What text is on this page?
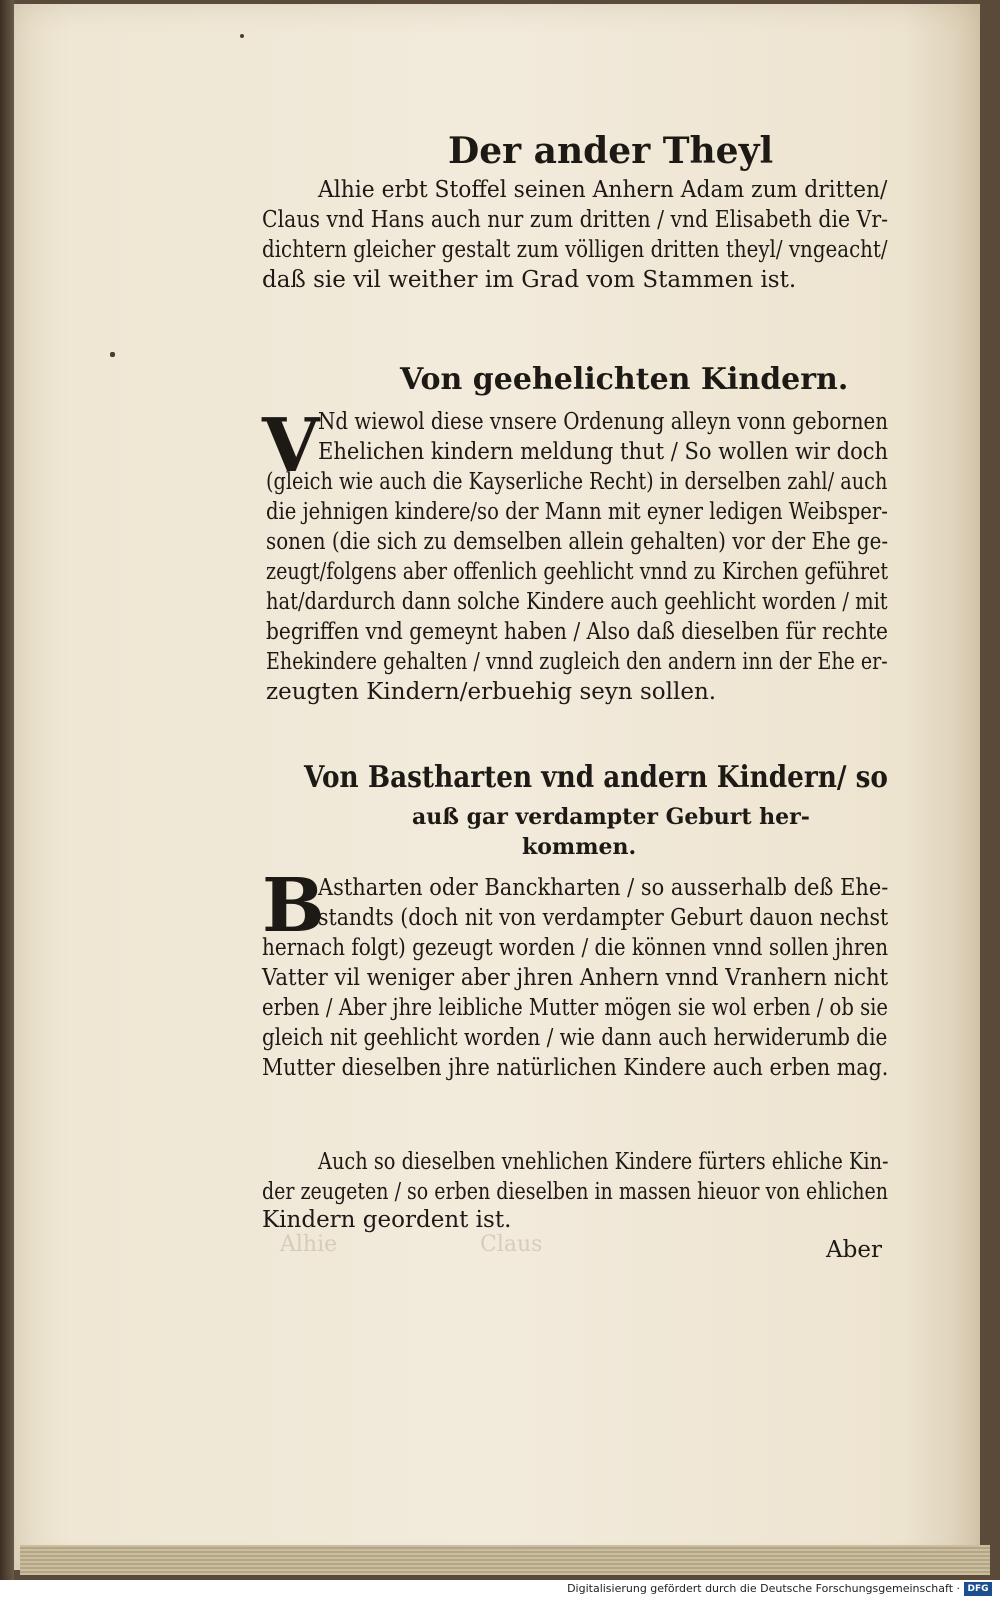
Alhie	Claus
Der ander Theyl
Alhie erbt Stoffel seinen Anhern Adam zum dritten/
Claus vnd Hans auch nur zum dritten / vnd Elisabeth die Vr-
dichtern gleicher gestalt zum völligen dritten theyl/ vngeacht/
daß sie vil weither im Grad vom Stammen ist.
Von geehelichten Kindern.
V
Nd wiewol diese vnsere Ordenung alleyn vonn gebornen
Ehelichen kindern meldung thut / So wollen wir doch
(gleich wie auch die Kayserliche Recht) in derselben zahl/ auch
die jehnigen kindere/so der Mann mit eyner ledigen Weibsper-
sonen (die sich zu demselben allein gehalten) vor der Ehe ge-
zeugt/folgens aber offenlich geehlicht vnnd zu Kirchen geführet
hat/dardurch dann solche Kindere auch geehlicht worden / mit
begriffen vnd gemeynt haben / Also daß dieselben für rechte
Ehekindere gehalten / vnnd zugleich den andern inn der Ehe er-
zeugten Kindern/erbuehig seyn sollen.
Von Bastharten vnd andern Kindern/ so
auß gar verdampter Geburt her-
kommen.
B
Astharten oder Banckharten / so ausserhalb deß Ehe-
standts (doch nit von verdampter Geburt dauon nechst
hernach folgt) gezeugt worden / die können vnnd sollen jhren
Vatter vil weniger aber jhren Anhern vnnd Vranhern nicht
erben / Aber jhre leibliche Mutter mögen sie wol erben / ob sie
gleich nit geehlicht worden / wie dann auch herwiderumb die
Mutter dieselben jhre natürlichen Kindere auch erben mag.
Auch so dieselben vnehlichen Kindere fürters ehliche Kin-
der zeugeten / so erben dieselben in massen hieuor von ehlichen
Kindern geordent ist.
Aber
Digitalisierung gefördert durch die Deutsche Forschungsgemeinschaft · DFG
